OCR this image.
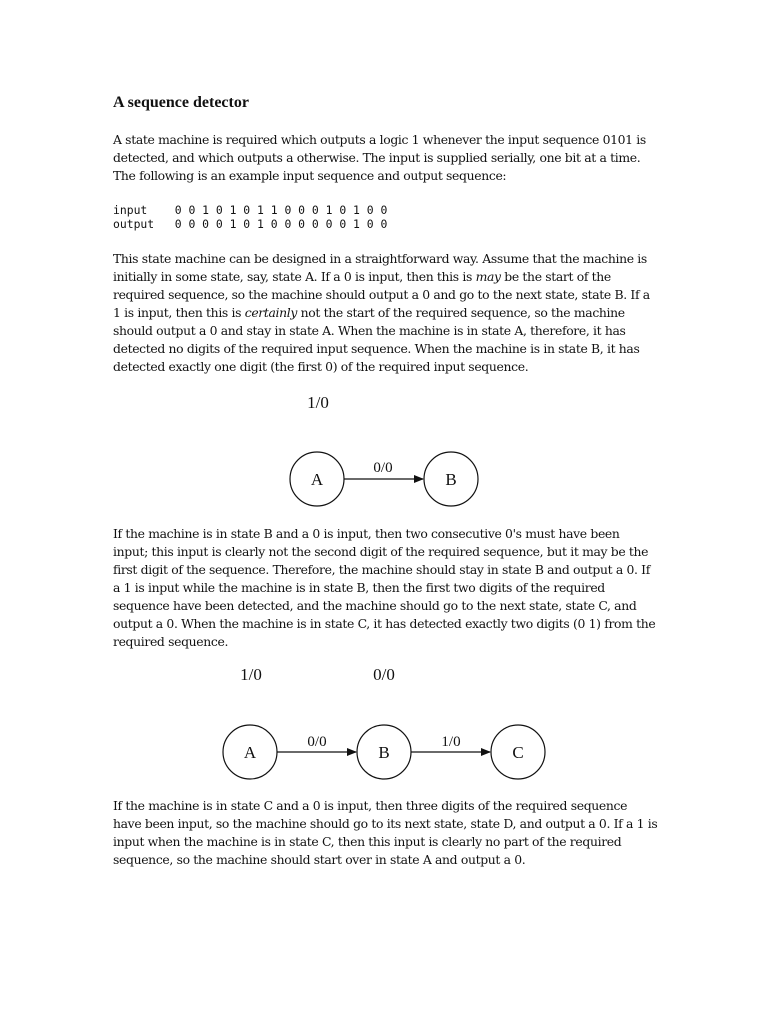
A sequence detector

A state machine is required which outputs a logic 1 whenever the input sequence 0101 is detected, and which outputs a otherwise. The input is supplied serially, one bit at a time. The following is an example input sequence and output sequence:

input 0 0 1 0 1 0 1 1 0 0 0 1 0 1 0 0
output 0 0 0 0 1 0 1 0 0 0 0 0 0 1 0 0

This state machine can be designed in a straightforward way. Assume that the machine is initially in some state, say, state A. If a 0 is input, then this is may be the start of the required sequence, so the machine should output a 0 and go to the next state, state B. If a 1 is input, then this is certainly not the start of the required sequence, so the machine should output a 0 and stay in state A. When the machine is in state A, therefore, it has detected no digits of the required input sequence. When the machine is in state B, it has detected exactly one digit (the first 0) of the required input sequence.

1/0
A
0/0
B

If the machine is in state B and a 0 is input, then two consecutive 0's must have been input; this input is clearly not the second digit of the required sequence, but it may be the first digit of the sequence. Therefore, the machine should stay in state B and output a 0. If a 1 is input while the machine is in state B, then the first two digits of the required sequence have been detected, and the machine should go to the next state, state C, and output a 0. When the machine is in state C, it has detected exactly two digits (0 1) from the required sequence.

1/0	0/0
A
0/0
B
1/0
C

If the machine is in state C and a 0 is input, then three digits of the required sequence have been input, so the machine should go to its next state, state D, and output a 0. If a 1 is input when the machine is in state C, then this input is clearly no part of the required sequence, so the machine should start over in state A and output a 0.
